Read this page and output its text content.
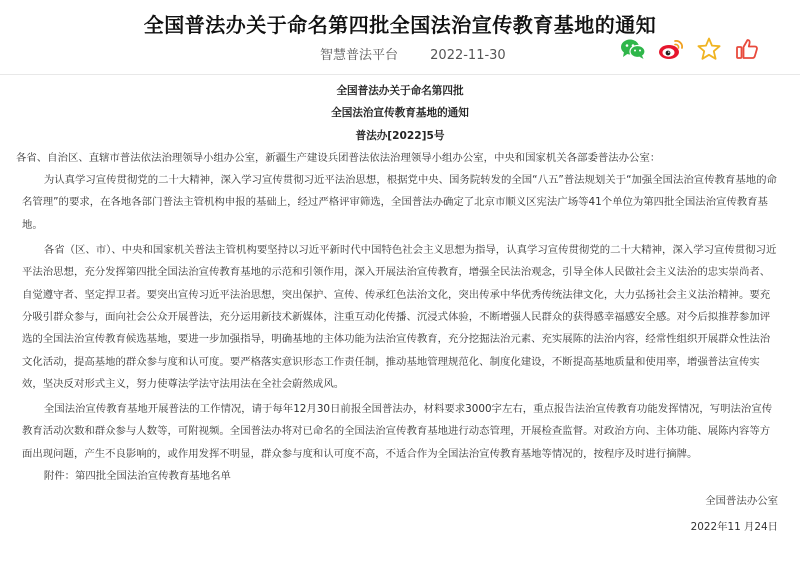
全国普法办关于命名第四批全国法治宣传教育基地的通知
智慧普法平台 2022-11-30

全国普法办关于命名第四批

全国法治宣传教育基地的通知

普法办[2022]5号

各省、自治区、直辖市普法依法治理领导小组办公室，新疆生产建设兵团普法依法治理领导小组办公室，中央和国家机关各部委普法办公室：

为认真学习宣传贯彻党的二十大精神，深入学习宣传贯彻习近平法治思想，根据党中央、国务院转发的全国“八五”普法规划关于“加强全国法治宣传教育基地的命名管理”的要求，在各地各部门普法主管机构申报的基础上，经过严格评审筛选，全国普法办确定了北京市顺义区宪法广场等41个单位为第四批全国法治宣传教育基地。

各省（区、市）、中央和国家机关普法主管机构要坚持以习近平新时代中国特色社会主义思想为指导，认真学习宣传贯彻党的二十大精神，深入学习宣传贯彻习近平法治思想，充分发挥第四批全国法治宣传教育基地的示范和引领作用，深入开展法治宣传教育，增强全民法治观念，引导全体人民做社会主义法治的忠实崇尚者、自觉遵守者、坚定捍卫者。要突出宣传习近平法治思想，突出保护、宣传、传承红色法治文化，突出传承中华优秀传统法律文化，大力弘扬社会主义法治精神。要充分吸引群众参与，面向社会公众开展普法，充分运用新技术新媒体，注重互动化传播、沉浸式体验，不断增强人民群众的获得感幸福感安全感。对今后拟推荐参加评选的全国法治宣传教育候选基地，要进一步加强指导，明确基地的主体功能为法治宣传教育，充分挖掘法治元素、充实展陈的法治内容，经常性组织开展群众性法治文化活动，提高基地的群众参与度和认可度。要严格落实意识形态工作责任制，推动基地管理规范化、制度化建设，不断提高基地质量和使用率，增强普法宣传实效，坚决反对形式主义，努力使尊法学法守法用法在全社会蔚然成风。

全国法治宣传教育基地开展普法的工作情况，请于每年12月30日前报全国普法办，材料要求3000字左右，重点报告法治宣传教育功能发挥情况，写明法治宣传教育活动次数和群众参与人数等，可附视频。全国普法办将对已命名的全国法治宣传教育基地进行动态管理，开展检查监督。对政治方向、主体功能、展陈内容等方面出现问题，产生不良影响的，或作用发挥不明显，群众参与度和认可度不高，不适合作为全国法治宣传教育基地等情况的，按程序及时进行摘牌。

附件：第四批全国法治宣传教育基地名单

全国普法办公室

2022年11 月24日
